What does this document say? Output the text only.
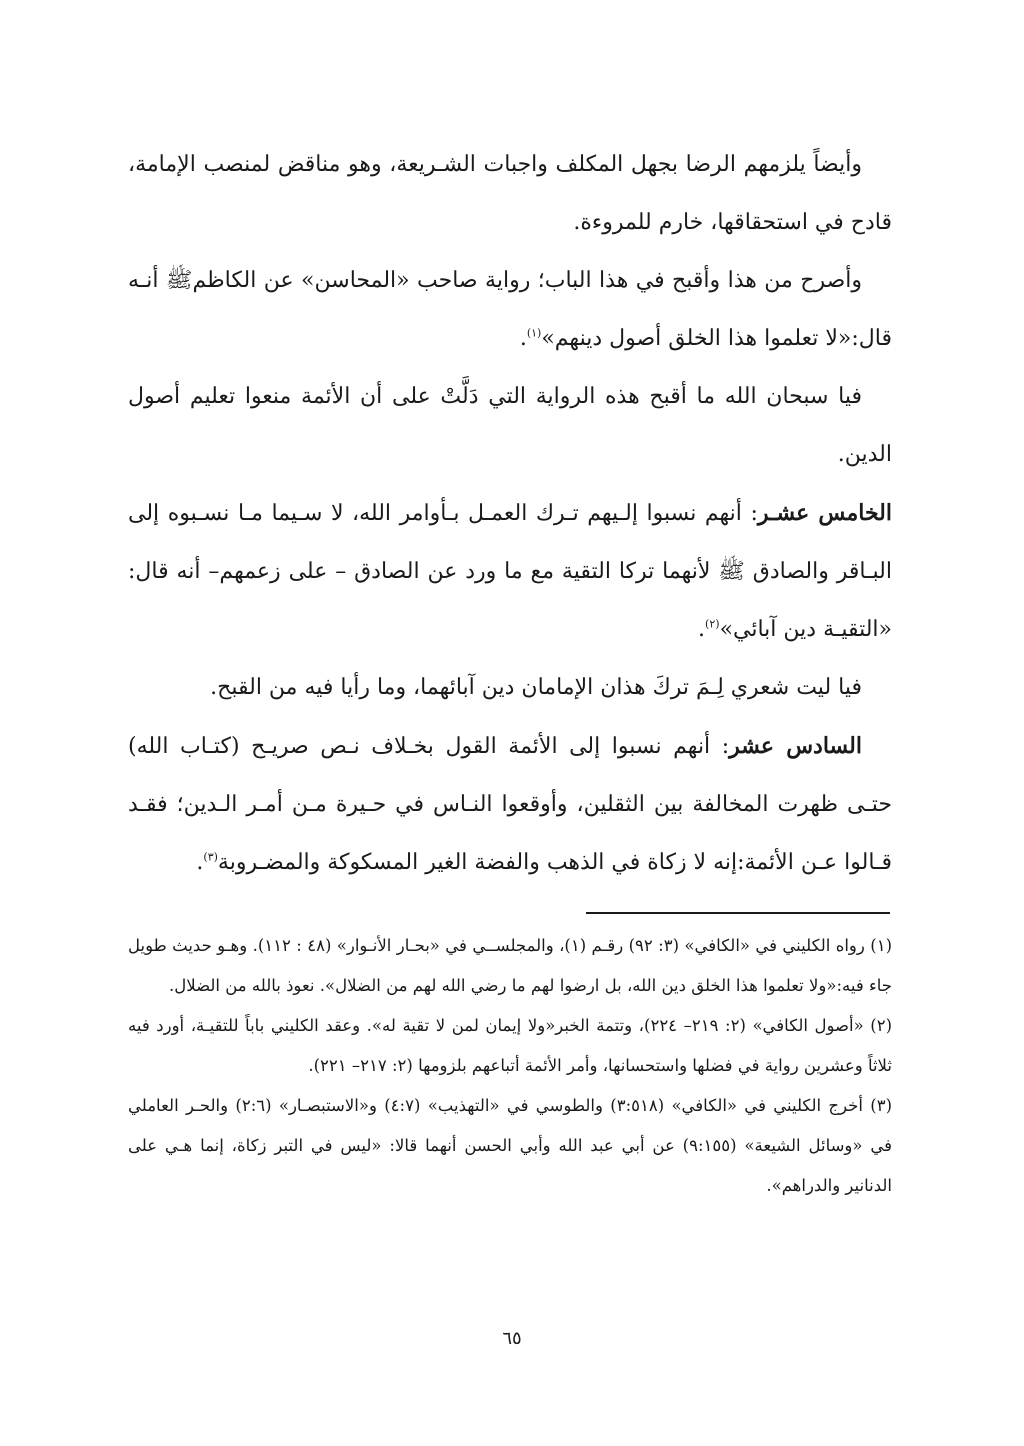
وأيضاً يلزمهم الرضا بجهل المكلف واجبات الشـريعة، وهو مناقض لمنصب الإمامة، قادح في استحقاقها، خارم للمروءة.

وأصرح من هذا وأقبح في هذا الباب؛ رواية صاحب «المحاسن» عن الكاظمﷺ أنـه قال:«لا تعلموا هذا الخلق أصول دينهم»$^{(١)}$.

فيا سبحان الله ما أقبح هذه الرواية التي دَلَّتْ على أن الأئمة منعوا تعليم أصول الدين.

الخامس عشـر: أنهم نسبوا إلـيهم تـرك العمـل بـأوامر الله، لا سـيما مـا نسـبوه إلى البـاقر والصادق ﷺ لأنهما تركا التقية مع ما ورد عن الصادق – على زعمهم– أنه قال: «التقيـة دين آبائي»$^{(٢)}$.

فيا ليت شعري لِـمَ تركَ هذان الإمامان دين آبائهما، وما رأيا فيه من القبح.

السادس عشر: أنهم نسبوا إلى الأئمة القول بخـلاف نـص صريـح (كتـاب الله) حتـى ظهرت المخالفة بين الثقلين، وأوقعوا النـاس في حـيرة مـن أمـر الـدين؛ فقـد قـالوا عـن الأئمة:إنه لا زكاة في الذهب والفضة الغير المسكوكة والمضـروبة$^{(٣)}$.

(١) رواه الكليني في «الكافي» (٣: ٩٢) رقـم (١)، والمجلســي في «بحـار الأنـوار» (٤٨ : ١١٢). وهـو حديث طويل جاء فيه:«ولا تعلموا هذا الخلق دين الله، بل ارضوا لهم ما رضي الله لهم من الضلال». نعوذ بالله من الضلال.

(٢) «أصول الكافي» (٢: ٢١٩– ٢٢٤)، وتتمة الخبر«ولا إيمان لمن لا تقية له». وعقد الكليني باباً للتقيـة، أورد فيه ثلاثاً وعشرين رواية في فضلها واستحسانها، وأمر الأئمة أتباعهم بلزومها (٢: ٢١٧– ٢٢١).

(٣) أخرج الكليني في «الكافي» (٣:٥١٨) والطوسي في «التهذيب» (٤:٧) و«الاستبصـار» (٢:٦) والحـر العاملي في «وسائل الشيعة» (٩:١٥٥) عن أبي عبد الله وأبي الحسن أنهما قالا: «ليس في التبر زكاة، إنما هـي على الدنانير والدراهم».

٦٥
